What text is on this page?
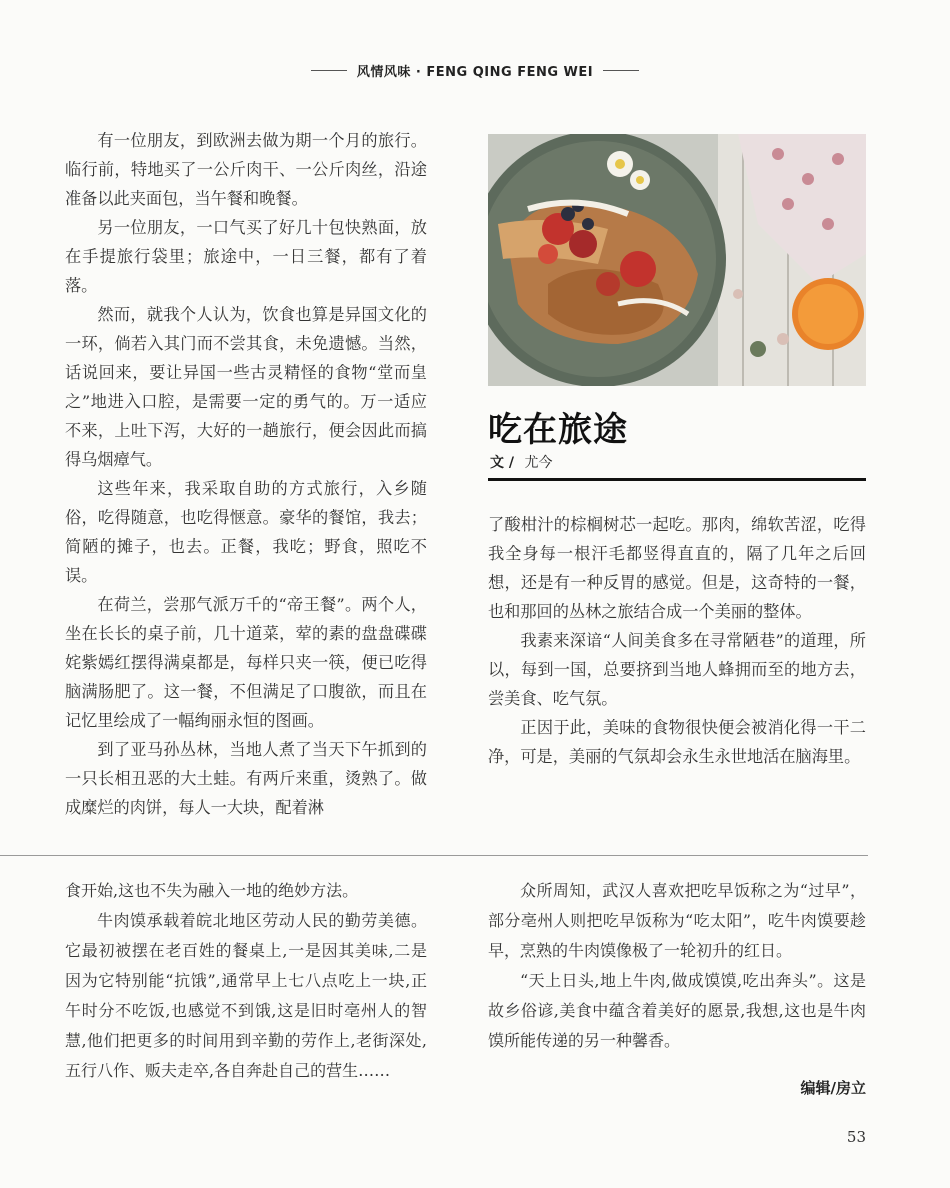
风情风味 · FENG QING FENG WEI

有一位朋友，到欧洲去做为期一个月的旅行。临行前，特地买了一公斤肉干、一公斤肉丝，沿途准备以此夹面包，当午餐和晚餐。

另一位朋友，一口气买了好几十包快熟面，放在手提旅行袋里；旅途中，一日三餐，都有了着落。

然而，就我个人认为，饮食也算是异国文化的一环，倘若入其门而不尝其食，未免遗憾。当然，话说回来，要让异国一些古灵精怪的食物“堂而皇之”地进入口腔，是需要一定的勇气的。万一适应不来，上吐下泻，大好的一趟旅行，便会因此而搞得乌烟瘴气。

这些年来，我采取自助的方式旅行，入乡随俗，吃得随意，也吃得惬意。豪华的餐馆，我去；简陋的摊子，也去。正餐，我吃；野食，照吃不误。

在荷兰，尝那气派万千的“帝王餐”。两个人，坐在长长的桌子前，几十道菜，荤的素的盘盘碟碟姹紫嫣红摆得满桌都是，每样只夹一筷，便已吃得脑满肠肥了。这一餐，不但满足了口腹欲，而且在记忆里绘成了一幅绚丽永恒的图画。

到了亚马孙丛林，当地人煮了当天下午抓到的一只长相丑恶的大土蛙。有两斤来重，烫熟了。做成糜烂的肉饼，每人一大块，配着淋

吃在旅途
文 / 尤今

了酸柑汁的棕榈树芯一起吃。那肉，绵软苦涩，吃得我全身每一根汗毛都竖得直直的，隔了几年之后回想，还是有一种反胃的感觉。但是，这奇特的一餐，也和那回的丛林之旅结合成一个美丽的整体。

我素来深谙“人间美食多在寻常陋巷”的道理，所以，每到一国，总要挤到当地人蜂拥而至的地方去，尝美食、吃气氛。

正因于此，美味的食物很快便会被消化得一干二净，可是，美丽的气氛却会永生永世地活在脑海里。

食开始,这也不失为融入一地的绝妙方法。

牛肉馍承载着皖北地区劳动人民的勤劳美德。它最初被摆在老百姓的餐桌上,一是因其美味,二是因为它特别能“抗饿”,通常早上七八点吃上一块,正午时分不吃饭,也感觉不到饿,这是旧时亳州人的智慧,他们把更多的时间用到辛勤的劳作上,老街深处,五行八作、贩夫走卒,各自奔赴自己的营生……

众所周知，武汉人喜欢把吃早饭称之为“过早”，部分亳州人则把吃早饭称为“吃太阳”，吃牛肉馍要趁早，烹熟的牛肉馍像极了一轮初升的红日。

“天上日头,地上牛肉,做成馍馍,吃出奔头”。这是故乡俗谚,美食中蕴含着美好的愿景,我想,这也是牛肉馍所能传递的另一种馨香。

编辑/房立
53
